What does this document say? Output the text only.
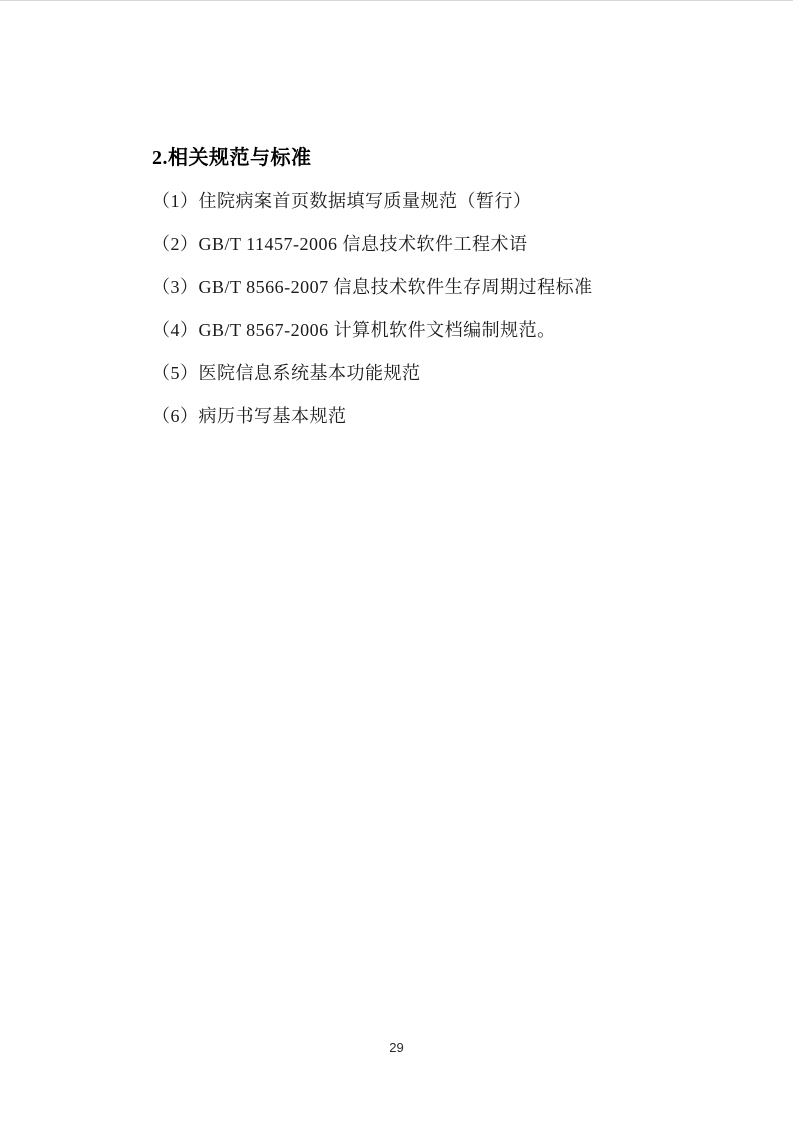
2.相关规范与标准

（1）住院病案首页数据填写质量规范（暂行）

（2）GB/T 11457-2006 信息技术软件工程术语

（3）GB/T 8566-2007 信息技术软件生存周期过程标准

（4）GB/T 8567-2006 计算机软件文档编制规范。

（5）医院信息系统基本功能规范

（6）病历书写基本规范

29
